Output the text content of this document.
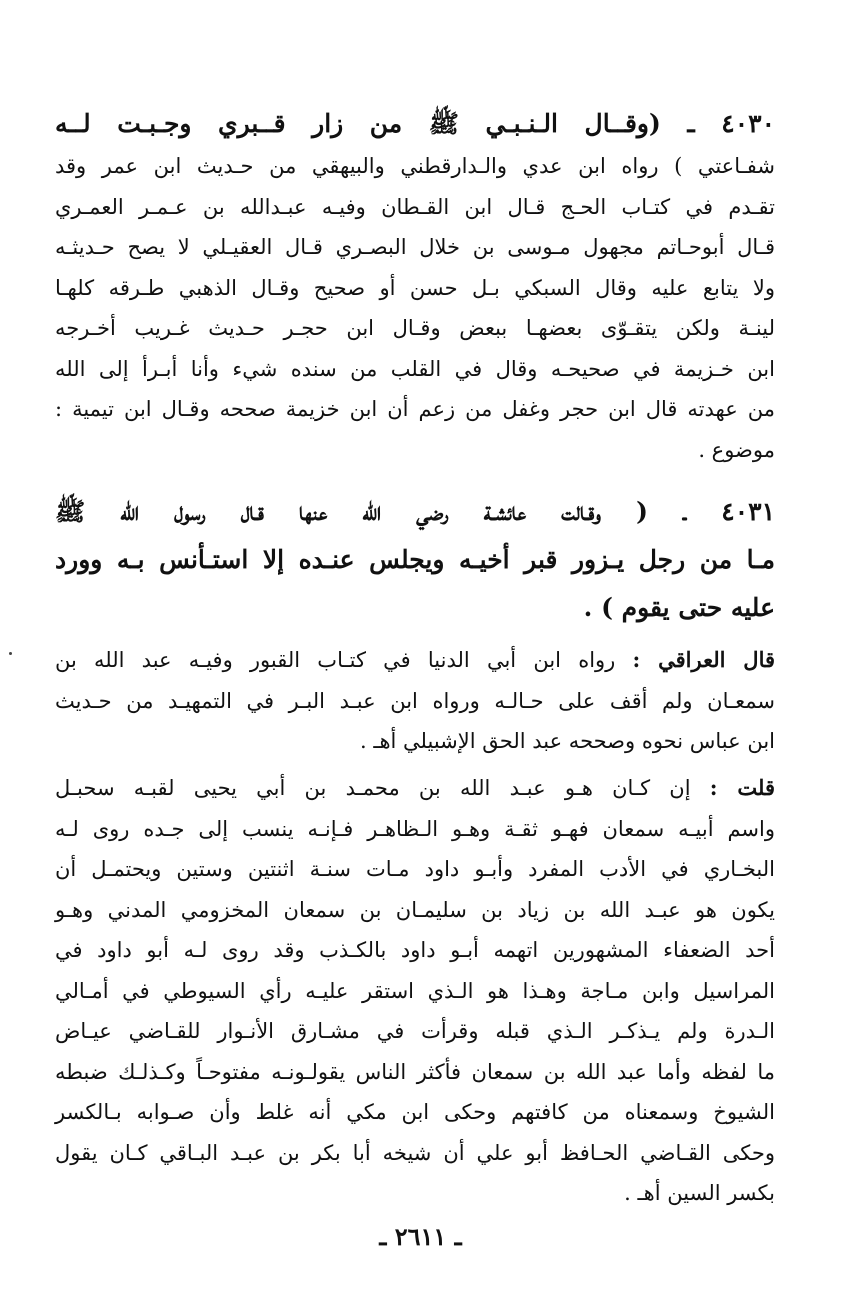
٤٠٣٠ ـ (وقــال الـنـبـي ﷺ من زار قــبري وجـبـت لــه
شفـاعتي ) رواه ابن عدي والـدارقطني والبيهقي من حـديث ابن عمر وقد
تقـدم في كتـاب الحـج قـال ابن القـطان وفيـه عبـدالله بن عـمـر العمـري
قـال أبوحـاتم مجهول مـوسى بن خلال البصـري قـال العقيـلي لا يصح حـديثـه
ولا يتابع عليه وقال السبكي بـل حسن أو صحيح وقـال الذهبي طـرقه كلهـا
لينـة ولكن يتقـوّى بعضهـا ببعض وقـال ابن حجـر حـديث غـريب أخـرجه
ابن خـزيمة في صحيحـه وقال في القلب من سنده شيء وأنا أبـرأ إلى الله
من عهدته قال ابن حجر وغفل من زعم أن ابن خزيمة صححه وقـال ابن تيمية :
موضوع .
٤٠٣١ ـ ( وقـالت عائشـة رضي الله عنها قـال رسول الله ﷺ
مـا من رجل يـزور قبر أخيـه ويجلس عنـده إلا استـأنس بـه وورد
عليه حتى يقوم ) .
قال العراقي : رواه ابن أبي الدنيا في كتـاب القبور وفيـه عبد الله بن
سمعـان ولم أقف على حـالـه ورواه ابن عبـد البـر في التمهيـد من حـديث
ابن عباس نحوه وصححه عبد الحق الإشبيلي أهـ .
قلت : إن كـان هـو عبـد الله بن محمـد بن أبي يحيى لقبـه سحبـل
واسم أبيـه سمعان فهـو ثقـة وهـو الـظاهـر فـإنـه ينسب إلى جـده روى لـه
البخـاري في الأدب المفرد وأبـو داود مـات سنـة اثنتين وستين ويحتمـل أن
يكون هو عبـد الله بن زياد بن سليمـان بن سمعان المخزومي المدني وهـو
أحد الضعفاء المشهورين اتهمه أبـو داود بالكـذب وقد روى لـه أبو داود في
المراسيل وابن مـاجة وهـذا هو الـذي استقر عليـه رأي السيوطي في أمـالي
الـدرة ولم يـذكـر الـذي قبله وقرأت في مشـارق الأنـوار للقـاضي عيـاض
ما لفظه وأما عبد الله بن سمعان فأكثر الناس يقولـونـه مفتوحـاً وكـذلـك ضبطه
الشيوخ وسمعناه من كافتهم وحكى ابن مكي أنه غلط وأن صـوابه بـالكسر
وحكى القـاضي الحـافظ أبو علي أن شيخه أبا بكر بن عبـد البـاقي كـان يقول
بكسر السين أهـ .
ـ ٢٦١١ ـ
